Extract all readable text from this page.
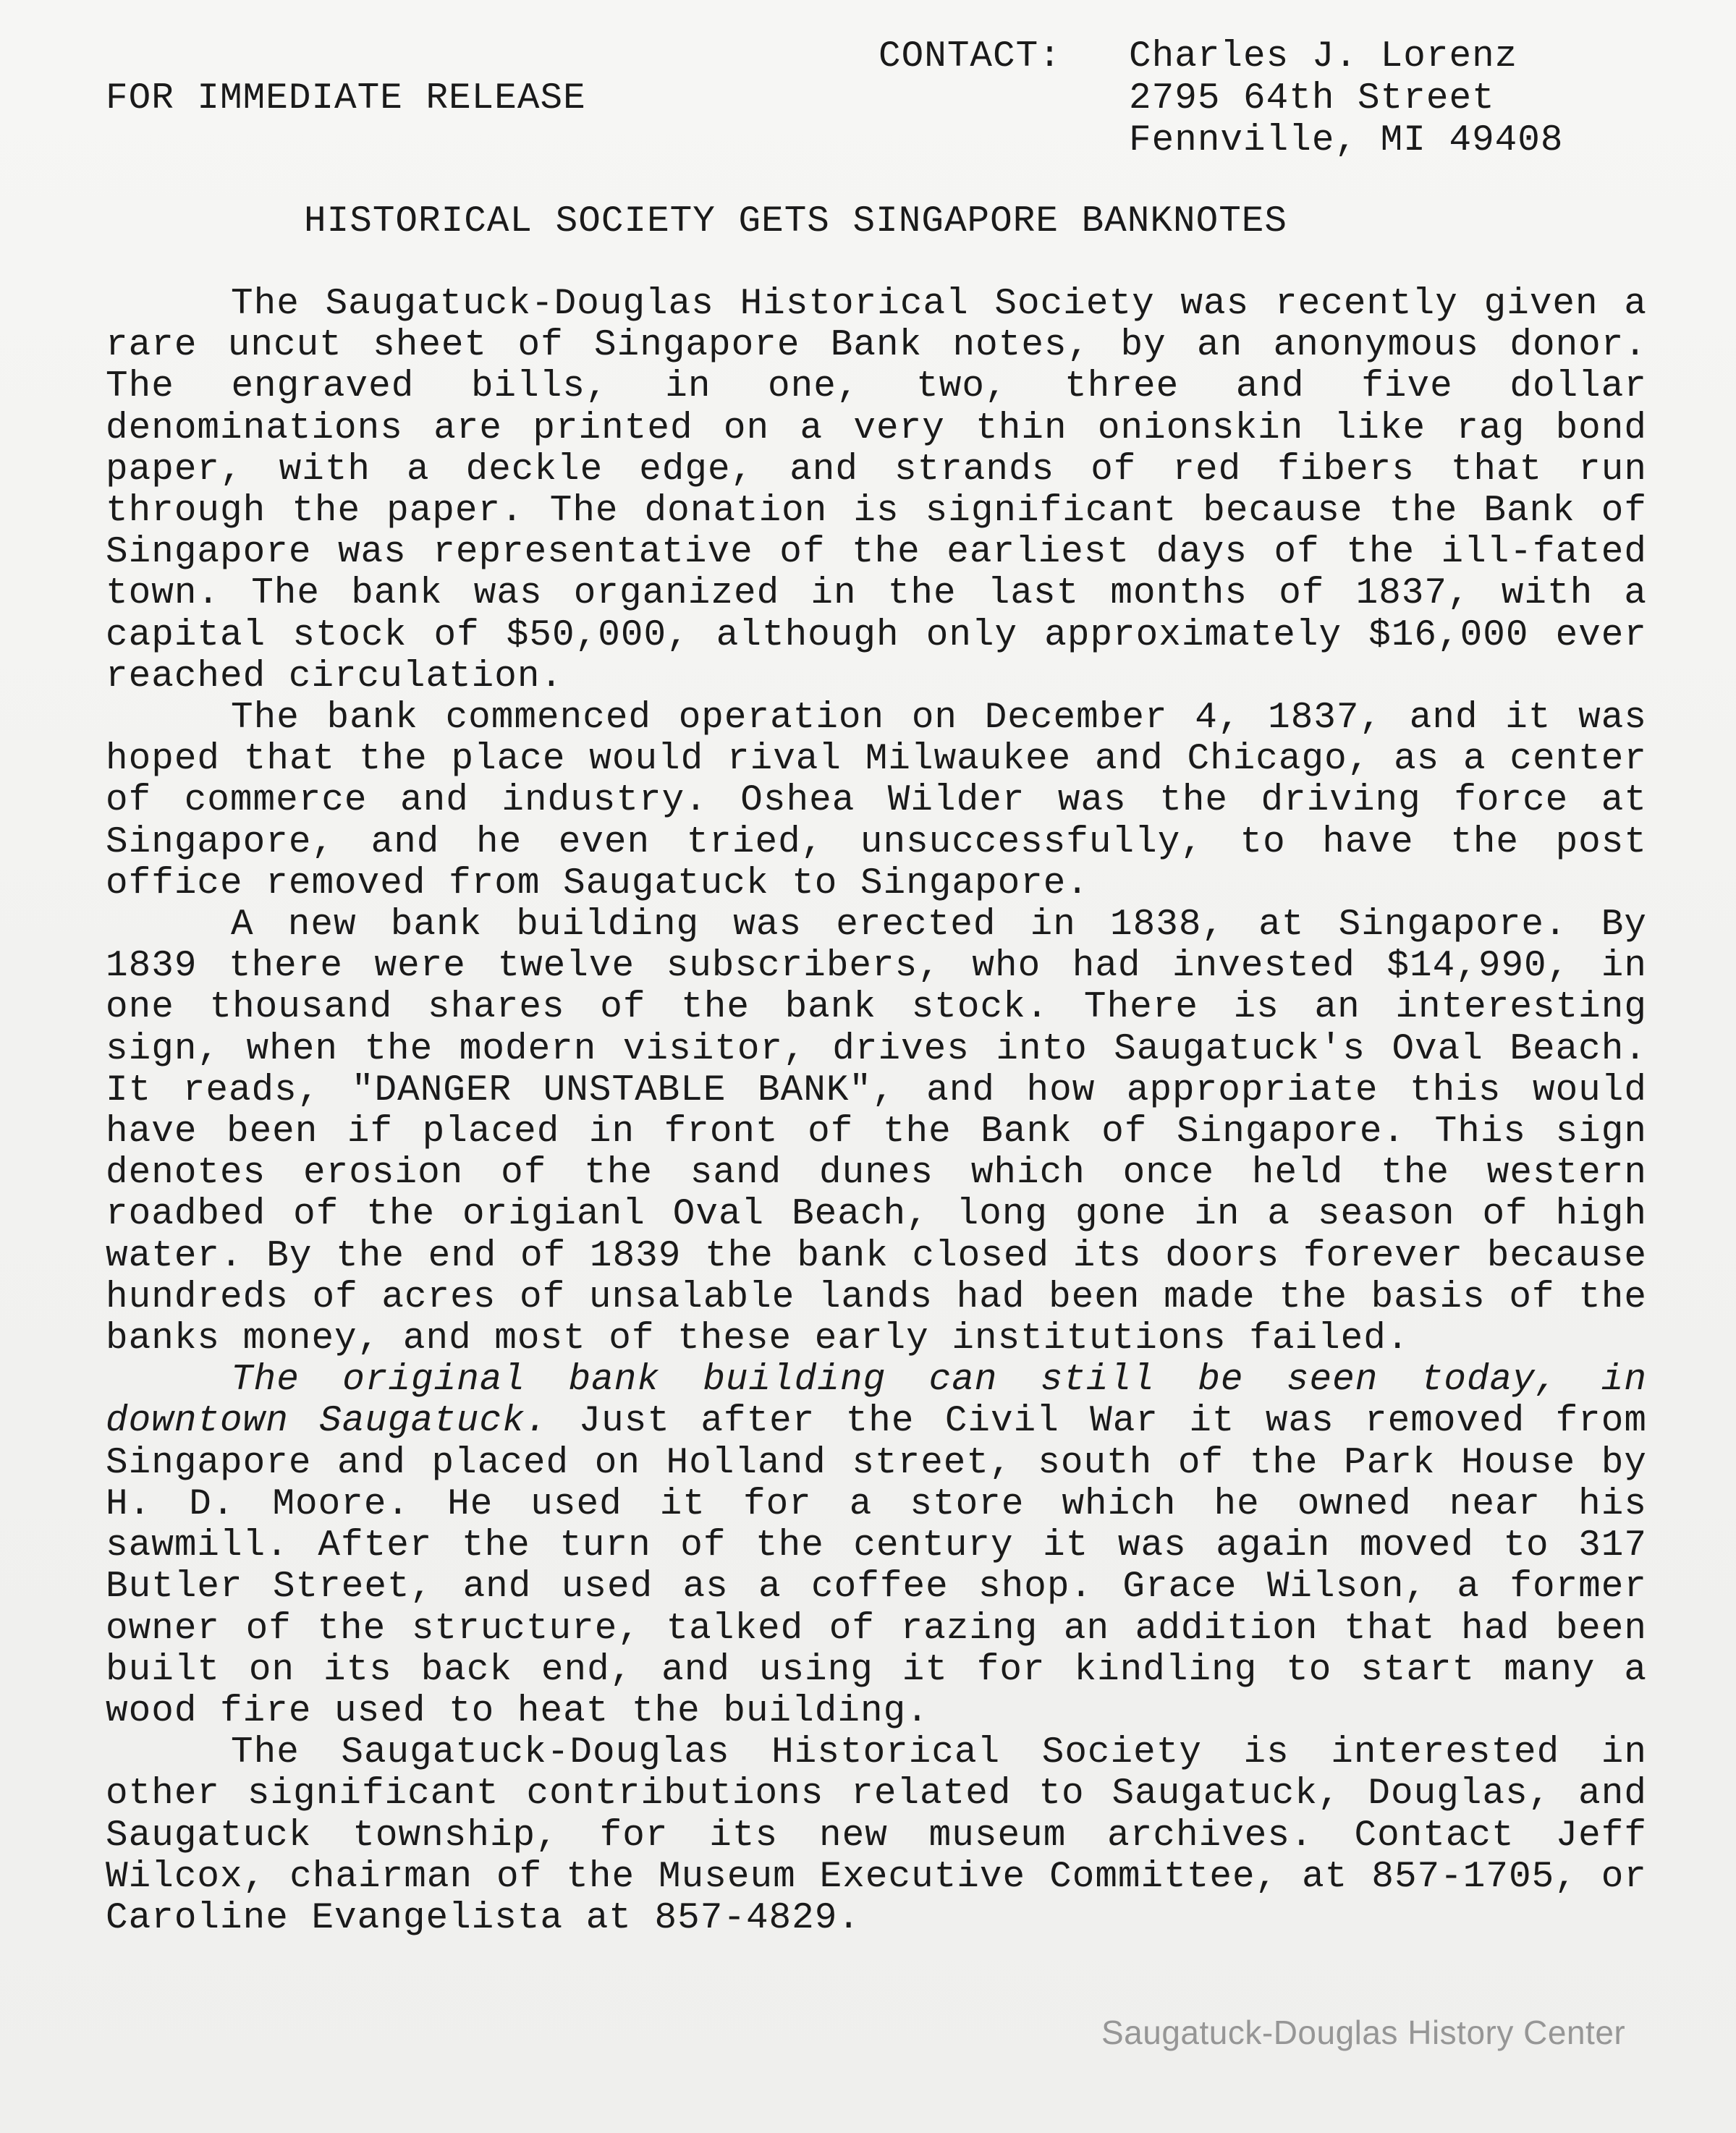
CONTACT: Charles J. Lorenz
2795 64th Street
Fennville, MI 49408
FOR IMMEDIATE RELEASE
HISTORICAL SOCIETY GETS SINGAPORE BANKNOTES

The Saugatuck-Douglas Historical Society was recently given a rare uncut sheet of Singapore Bank notes, by an anonymous donor. The engraved bills, in one, two, three and five dollar denominations are printed on a very thin onionskin like rag bond paper, with a deckle edge, and strands of red fibers that run through the paper. The donation is significant because the Bank of Singapore was representative of the earliest days of the ill-fated town. The bank was organized in the last months of 1837, with a capital stock of $50,000, although only approximately $16,000 ever reached circulation.

The bank commenced operation on December 4, 1837, and it was hoped that the place would rival Milwaukee and Chicago, as a center of commerce and industry. Oshea Wilder was the driving force at Singapore, and he even tried, unsuccessfully, to have the post office removed from Saugatuck to Singapore.

A new bank building was erected in 1838, at Singapore. By 1839 there were twelve subscribers, who had invested $14,990, in one thousand shares of the bank stock. There is an interesting sign, when the modern visitor, drives into Saugatuck's Oval Beach. It reads, "DANGER UNSTABLE BANK", and how appropriate this would have been if placed in front of the Bank of Singapore. This sign denotes erosion of the sand dunes which once held the western roadbed of the origianl Oval Beach, long gone in a season of high water. By the end of 1839 the bank closed its doors forever because hundreds of acres of unsalable lands had been made the basis of the banks money, and most of these early institutions failed.

The original bank building can still be seen today, in downtown Saugatuck. Just after the Civil War it was removed from Singapore and placed on Holland street, south of the Park House by H. D. Moore. He used it for a store which he owned near his sawmill. After the turn of the century it was again moved to 317 Butler Street, and used as a coffee shop. Grace Wilson, a former owner of the structure, talked of razing an addition that had been built on its back end, and using it for kindling to start many a wood fire used to heat the building.

The Saugatuck-Douglas Historical Society is interested in other significant contributions related to Saugatuck, Douglas, and Saugatuck township, for its new museum archives. Contact Jeff Wilcox, chairman of the Museum Executive Committee, at 857-1705, or Caroline Evangelista at 857-4829.

Saugatuck-Douglas History Center
